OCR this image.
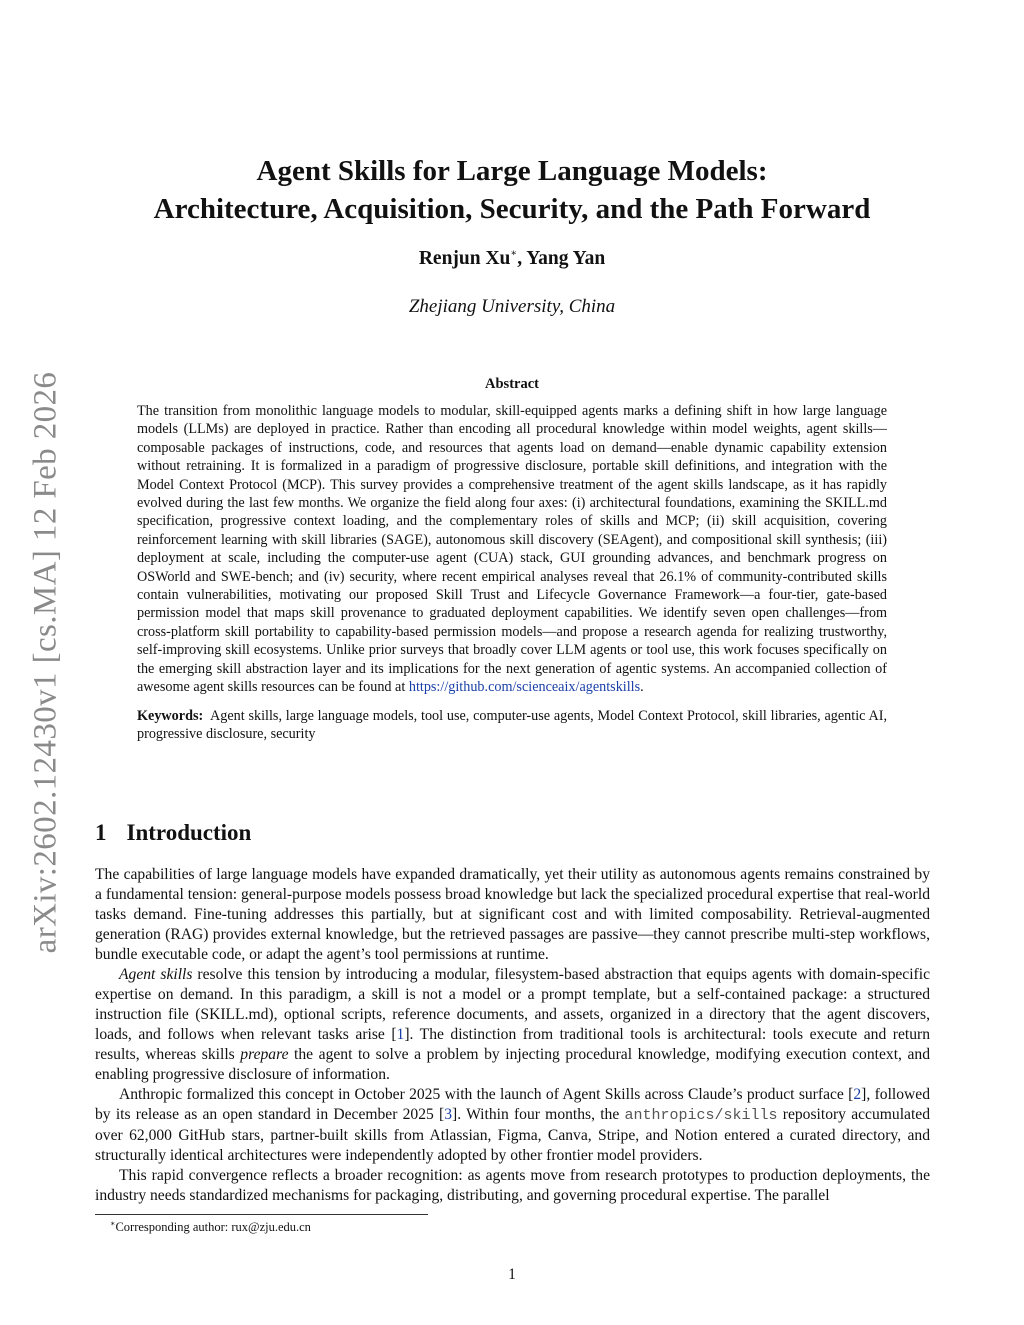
arXiv:2602.12430v1 [cs.MA] 12 Feb 2026
Agent Skills for Large Language Models:
Architecture, Acquisition, Security, and the Path Forward
Renjun Xu∗, Yang Yan
Zhejiang University, China
Abstract

The transition from monolithic language models to modular, skill-equipped agents marks a defining shift in how large language models (LLMs) are deployed in practice. Rather than encoding all procedural knowledge within model weights, agent skills—composable packages of instructions, code, and resources that agents load on demand—enable dynamic capability extension without retraining. It is formalized in a paradigm of progressive disclosure, portable skill definitions, and integration with the Model Context Protocol (MCP). This survey provides a comprehensive treatment of the agent skills landscape, as it has rapidly evolved during the last few months. We organize the field along four axes: (i) architectural foundations, examining the SKILL.md specification, progressive context loading, and the complementary roles of skills and MCP; (ii) skill acquisition, covering reinforcement learning with skill libraries (SAGE), autonomous skill discovery (SEAgent), and compositional skill synthesis; (iii) deployment at scale, including the computer-use agent (CUA) stack, GUI grounding advances, and benchmark progress on OSWorld and SWE-bench; and (iv) security, where recent empirical analyses reveal that 26.1% of community-contributed skills contain vulnerabilities, motivating our proposed Skill Trust and Lifecycle Governance Framework—a four-tier, gate-based permission model that maps skill provenance to graduated deployment capabilities. We identify seven open challenges—from cross-platform skill portability to capability-based permission models—and propose a research agenda for realizing trustworthy, self-improving skill ecosystems. Unlike prior surveys that broadly cover LLM agents or tool use, this work focuses specifically on the emerging skill abstraction layer and its implications for the next generation of agentic systems. An accompanied collection of awesome agent skills resources can be found at https://github.com/scienceaix/agentskills.

Keywords: Agent skills, large language models, tool use, computer-use agents, Model Context Protocol, skill libraries, agentic AI, progressive disclosure, security

1 Introduction

The capabilities of large language models have expanded dramatically, yet their utility as autonomous agents remains constrained by a fundamental tension: general-purpose models possess broad knowledge but lack the specialized procedural expertise that real-world tasks demand. Fine-tuning addresses this partially, but at significant cost and with limited composability. Retrieval-augmented generation (RAG) provides external knowledge, but the retrieved passages are passive—they cannot prescribe multi-step workflows, bundle executable code, or adapt the agent’s tool permissions at runtime.

Agent skills resolve this tension by introducing a modular, filesystem-based abstraction that equips agents with domain-specific expertise on demand. In this paradigm, a skill is not a model or a prompt template, but a self-contained package: a structured instruction file (SKILL.md), optional scripts, reference documents, and assets, organized in a directory that the agent discovers, loads, and follows when relevant tasks arise [1]. The distinction from traditional tools is architectural: tools execute and return results, whereas skills prepare the agent to solve a problem by injecting procedural knowledge, modifying execution context, and enabling progressive disclosure of information.

Anthropic formalized this concept in October 2025 with the launch of Agent Skills across Claude’s product surface [2], followed by its release as an open standard in December 2025 [3]. Within four months, the anthropics/skills repository accumulated over 62,000 GitHub stars, partner-built skills from Atlassian, Figma, Canva, Stripe, and Notion entered a curated directory, and structurally identical architectures were independently adopted by other frontier model providers.

This rapid convergence reflects a broader recognition: as agents move from research prototypes to production deployments, the industry needs standardized mechanisms for packaging, distributing, and governing procedural expertise. The parallel

∗Corresponding author: rux@zju.edu.cn
1
